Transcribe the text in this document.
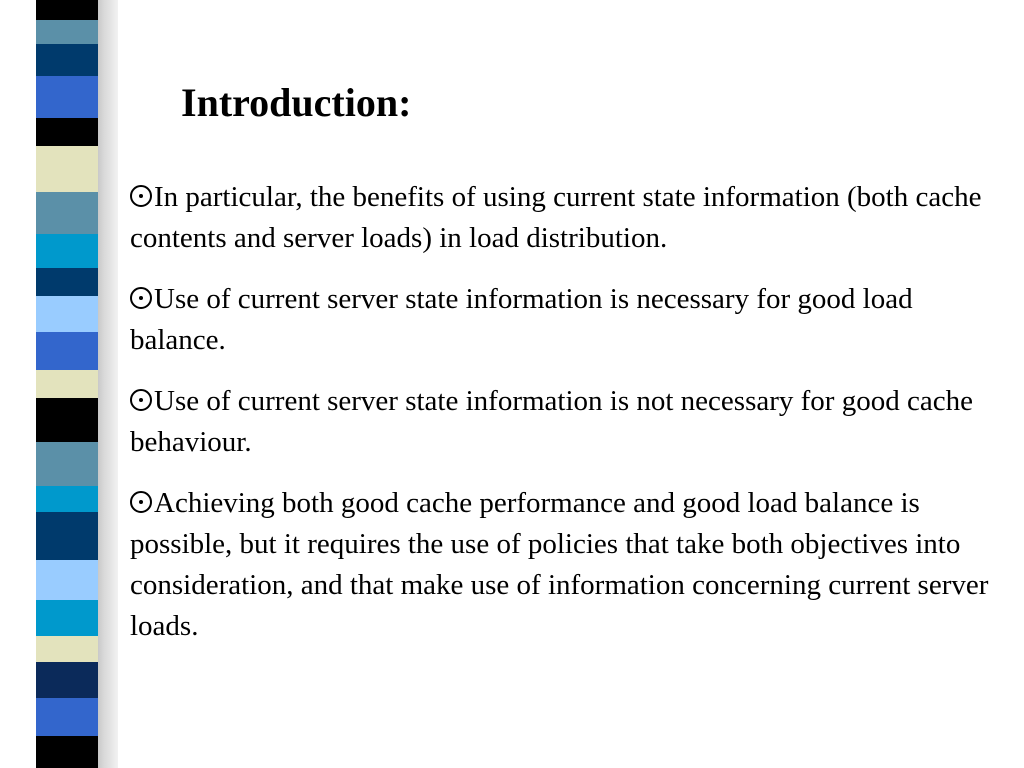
Introduction:
In particular, the benefits of using current state information (both cache contents and server loads) in load distribution.
Use of current server state information is necessary for good load balance.
Use of current server state information is not necessary for good cache behaviour.
Achieving both good cache performance and good load balance is possible, but it requires the use of policies that take both objectives into consideration, and that make use of information concerning current server loads.
